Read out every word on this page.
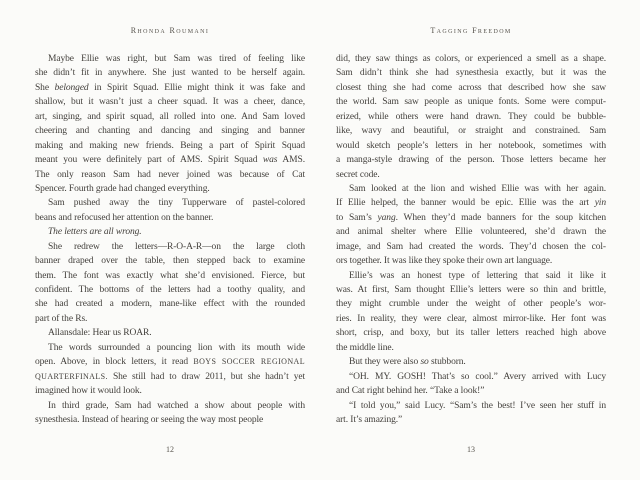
Rhonda Roumani
Maybe Ellie was right, but Sam was tired of feeling like
she didn’t fit in anywhere. She just wanted to be herself again.
She belonged in Spirit Squad. Ellie might think it was fake and
shallow, but it wasn’t just a cheer squad. It was a cheer, dance,
art, singing, and spirit squad, all rolled into one. And Sam loved
cheering and chanting and dancing and singing and banner
making and making new friends. Being a part of Spirit Squad
meant you were definitely part of AMS. Spirit Squad was AMS.
The only reason Sam had never joined was because of Cat
Spencer. Fourth grade had changed everything.
Sam pushed away the tiny Tupperware of pastel-colored
beans and refocused her attention on the banner.
The letters are all wrong.
She redrew the letters—R-O-A-R—on the large cloth
banner draped over the table, then stepped back to examine
them. The font was exactly what she’d envisioned. Fierce, but
confident. The bottoms of the letters had a toothy quality, and
she had created a modern, mane-like effect with the rounded
part of the Rs.
Allansdale: Hear us ROAR.
The words surrounded a pouncing lion with its mouth wide
open. Above, in block letters, it read BOYS SOCCER REGIONAL
QUARTERFINALS. She still had to draw 2011, but she hadn’t yet
imagined how it would look.
In third grade, Sam had watched a show about people with
synesthesia. Instead of hearing or seeing the way most people
12
Tagging Freedom
did, they saw things as colors, or experienced a smell as a shape.
Sam didn’t think she had synesthesia exactly, but it was the
closest thing she had come across that described how she saw
the world. Sam saw people as unique fonts. Some were comput-
erized, while others were hand drawn. They could be bubble-
like, wavy and beautiful, or straight and constrained. Sam
would sketch people’s letters in her notebook, sometimes with
a manga-style drawing of the person. Those letters became her
secret code.
Sam looked at the lion and wished Ellie was with her again.
If Ellie helped, the banner would be epic. Ellie was the art yin
to Sam’s yang. When they’d made banners for the soup kitchen
and animal shelter where Ellie volunteered, she’d drawn the
image, and Sam had created the words. They’d chosen the col-
ors together. It was like they spoke their own art language.
Ellie’s was an honest type of lettering that said it like it
was. At first, Sam thought Ellie’s letters were so thin and brittle,
they might crumble under the weight of other people’s wor-
ries. In reality, they were clear, almost mirror-like. Her font was
short, crisp, and boxy, but its taller letters reached high above
the middle line.
But they were also so stubborn.
“OH. MY. GOSH! That’s so cool.” Avery arrived with Lucy
and Cat right behind her. “Take a look!”
“I told you,” said Lucy. “Sam’s the best! I’ve seen her stuff in
art. It’s amazing.”
13
